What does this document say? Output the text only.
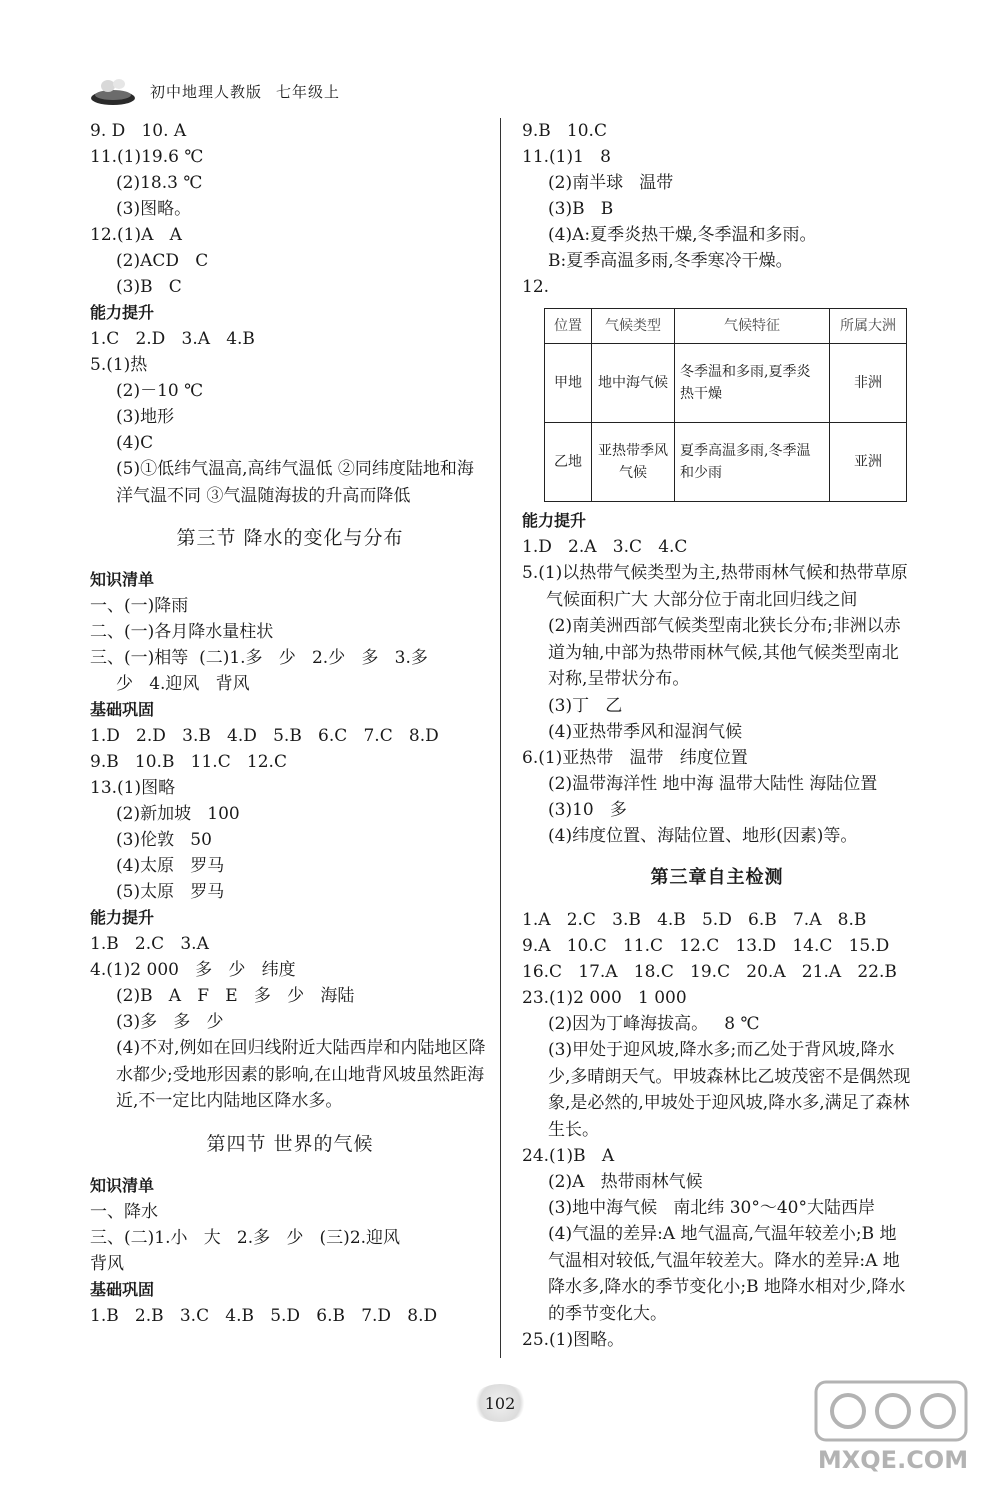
初中地理人教版 七年级上
9. D   10. A
11.(1)19.6 ℃
(2)18.3 ℃
(3)图略。
12.(1)A   A
(2)ACD   C
(3)B   C
能力提升
1.C   2.D   3.A   4.B
5.(1)热
(2)－10 ℃
(3)地形
(4)C
(5)①低纬气温高,高纬气温低 ②同纬度陆地和海洋气温不同 ③气温随海拔的升高而降低
第三节 降水的变化与分布
知识清单
一、(一)降雨
二、(一)各月降水量柱状
三、(一)相等  (二)1.多   少   2.少   多   3.多
少   4.迎风   背风
基础巩固
1.D   2.D   3.B   4.D   5.B   6.C   7.C   8.D
9.B   10.B   11.C   12.C
13.(1)图略
(2)新加坡   100
(3)伦敦   50
(4)太原   罗马
(5)太原   罗马
能力提升
1.B   2.C   3.A
4.(1)2 000   多   少   纬度
(2)B   A   F   E   多   少   海陆
(3)多   多   少
(4)不对,例如在回归线附近大陆西岸和内陆地区降水都少;受地形因素的影响,在山地背风坡虽然距海近,不一定比内陆地区降水多。
第四节 世界的气候
知识清单
一、降水
三、(二)1.小   大   2.多   少   (三)2.迎风
背风
基础巩固
1.B   2.B   3.C   4.B   5.D   6.B   7.D   8.D
9.B   10.C
11.(1)1   8
(2)南半球   温带
(3)B   B
(4)A:夏季炎热干燥,冬季温和多雨。
B:夏季高温多雨,冬季寒冷干燥。
12.
位置	气候类型	气候特征	所属大洲
甲地	地中海气候	冬季温和多雨,夏季炎热干燥	非洲
乙地	亚热带季风气候	夏季高温多雨,冬季温和少雨	亚洲
能力提升
1.D   2.A   3.C   4.C
5.(1)以热带气候类型为主,热带雨林气候和热带草原气候面积广大 大部分位于南北回归线之间
(2)南美洲西部气候类型南北狭长分布;非洲以赤道为轴,中部为热带雨林气候,其他气候类型南北对称,呈带状分布。
(3)丁   乙
(4)亚热带季风和湿润气候
6.(1)亚热带   温带   纬度位置
(2)温带海洋性 地中海 温带大陆性 海陆位置
(3)10   多
(4)纬度位置、海陆位置、地形(因素)等。
第三章自主检测
1.A   2.C   3.B   4.B   5.D   6.B   7.A   8.B
9.A   10.C   11.C   12.C   13.D   14.C   15.D
16.C   17.A   18.C   19.C   20.A   21.A   22.B
23.(1)2 000   1 000
(2)因为丁峰海拔高。   8 ℃
(3)甲处于迎风坡,降水多;而乙处于背风坡,降水少,多晴朗天气。甲坡森林比乙坡茂密不是偶然现象,是必然的,甲坡处于迎风坡,降水多,满足了森林生长。
24.(1)B   A
(2)A   热带雨林气候
(3)地中海气候   南北纬 30°～40°大陆西岸
(4)气温的差异:A 地气温高,气温年较差小;B 地气温相对较低,气温年较差大。降水的差异:A 地降水多,降水的季节变化小;B 地降水相对少,降水的季节变化大。
25.(1)图略。
102
MXQE.COM
